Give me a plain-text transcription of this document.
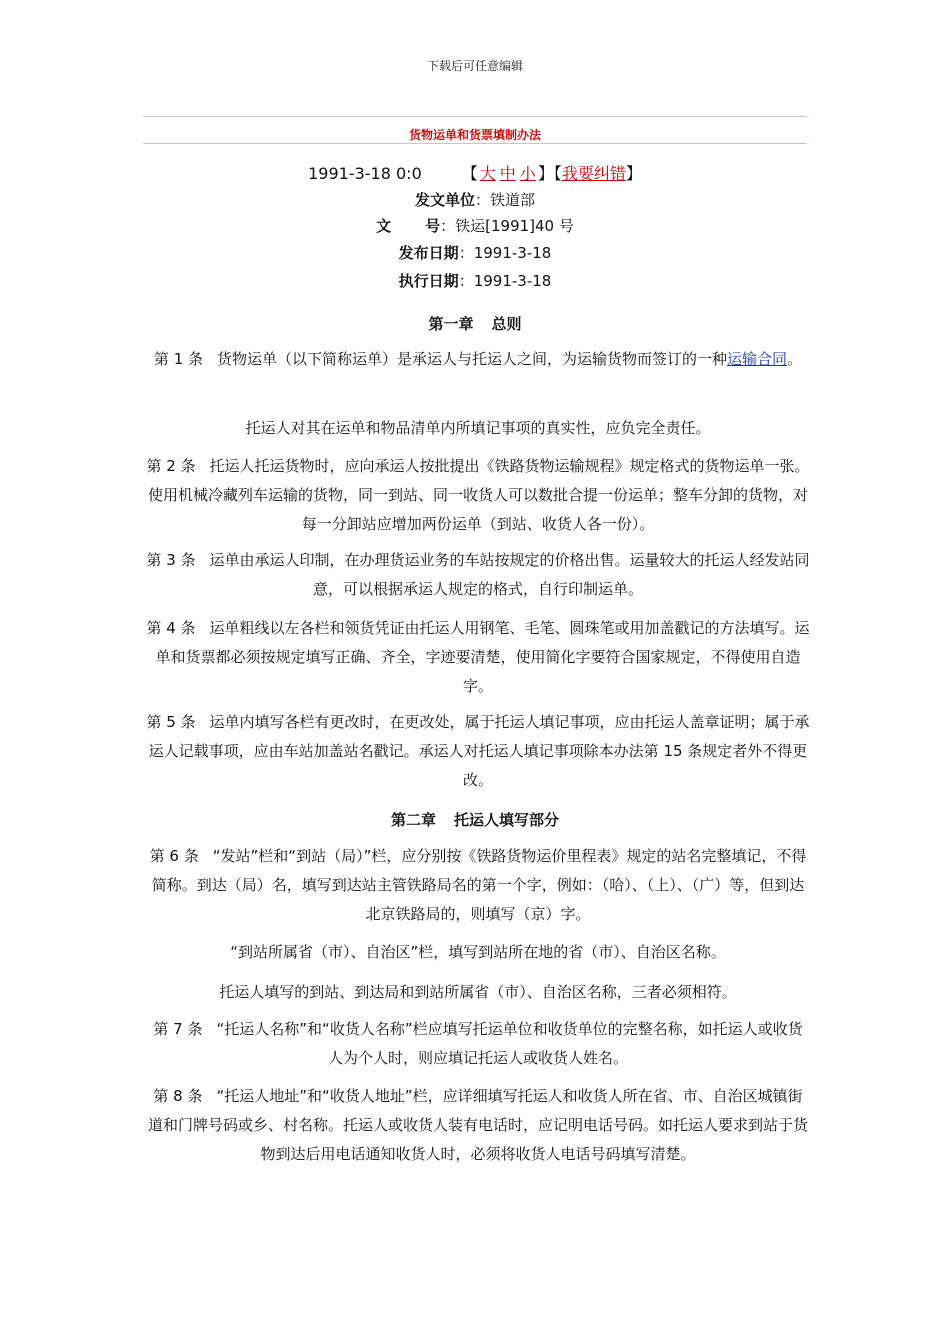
下载后可任意编辑
货物运单和货票填制办法
1991-3-18 0:0	【 大 中 小 】【我要纠错】
发文单位：铁道部
文 号：铁运[1991]40 号
发布日期：1991-3-18
执行日期：1991-3-18
第一章 总则
第 1 条 货物运单（以下简称运单）是承运人与托运人之间，为运输货物而签订的一种运输合同。
托运人对其在运单和物品清单内所填记事项的真实性，应负完全责任。
第 2 条 托运人托运货物时，应向承运人按批提出《铁路货物运输规程》规定格式的货物运单一张。使用机械冷藏列车运输的货物，同一到站、同一收货人可以数批合提一份运单；整车分卸的货物，对每一分卸站应增加两份运单（到站、收货人各一份）。
第 3 条 运单由承运人印制，在办理货运业务的车站按规定的价格出售。运量较大的托运人经发站同意，可以根据承运人规定的格式，自行印制运单。
第 4 条 运单粗线以左各栏和领货凭证由托运人用钢笔、毛笔、圆珠笔或用加盖戳记的方法填写。运单和货票都必须按规定填写正确、齐全，字迹要清楚，使用简化字要符合国家规定，不得使用自造字。
第 5 条 运单内填写各栏有更改时，在更改处，属于托运人填记事项，应由托运人盖章证明；属于承运人记载事项，应由车站加盖站名戳记。承运人对托运人填记事项除本办法第 15 条规定者外不得更改。
第二章 托运人填写部分
第 6 条 “发站”栏和“到站（局）”栏，应分别按《铁路货物运价里程表》规定的站名完整填记，不得简称。到达（局）名，填写到达站主管铁路局名的第一个字，例如：（哈）、（上）、（广）等，但到达北京铁路局的，则填写（京）字。
“到站所属省（市）、自治区”栏，填写到站所在地的省（市）、自治区名称。
托运人填写的到站、到达局和到站所属省（市）、自治区名称，三者必须相符。
第 7 条 “托运人名称”和“收货人名称”栏应填写托运单位和收货单位的完整名称，如托运人或收货人为个人时，则应填记托运人或收货人姓名。
第 8 条 “托运人地址”和“收货人地址”栏，应详细填写托运人和收货人所在省、市、自治区城镇街道和门牌号码或乡、村名称。托运人或收货人装有电话时，应记明电话号码。如托运人要求到站于货物到达后用电话通知收货人时，必须将收货人电话号码填写清楚。
